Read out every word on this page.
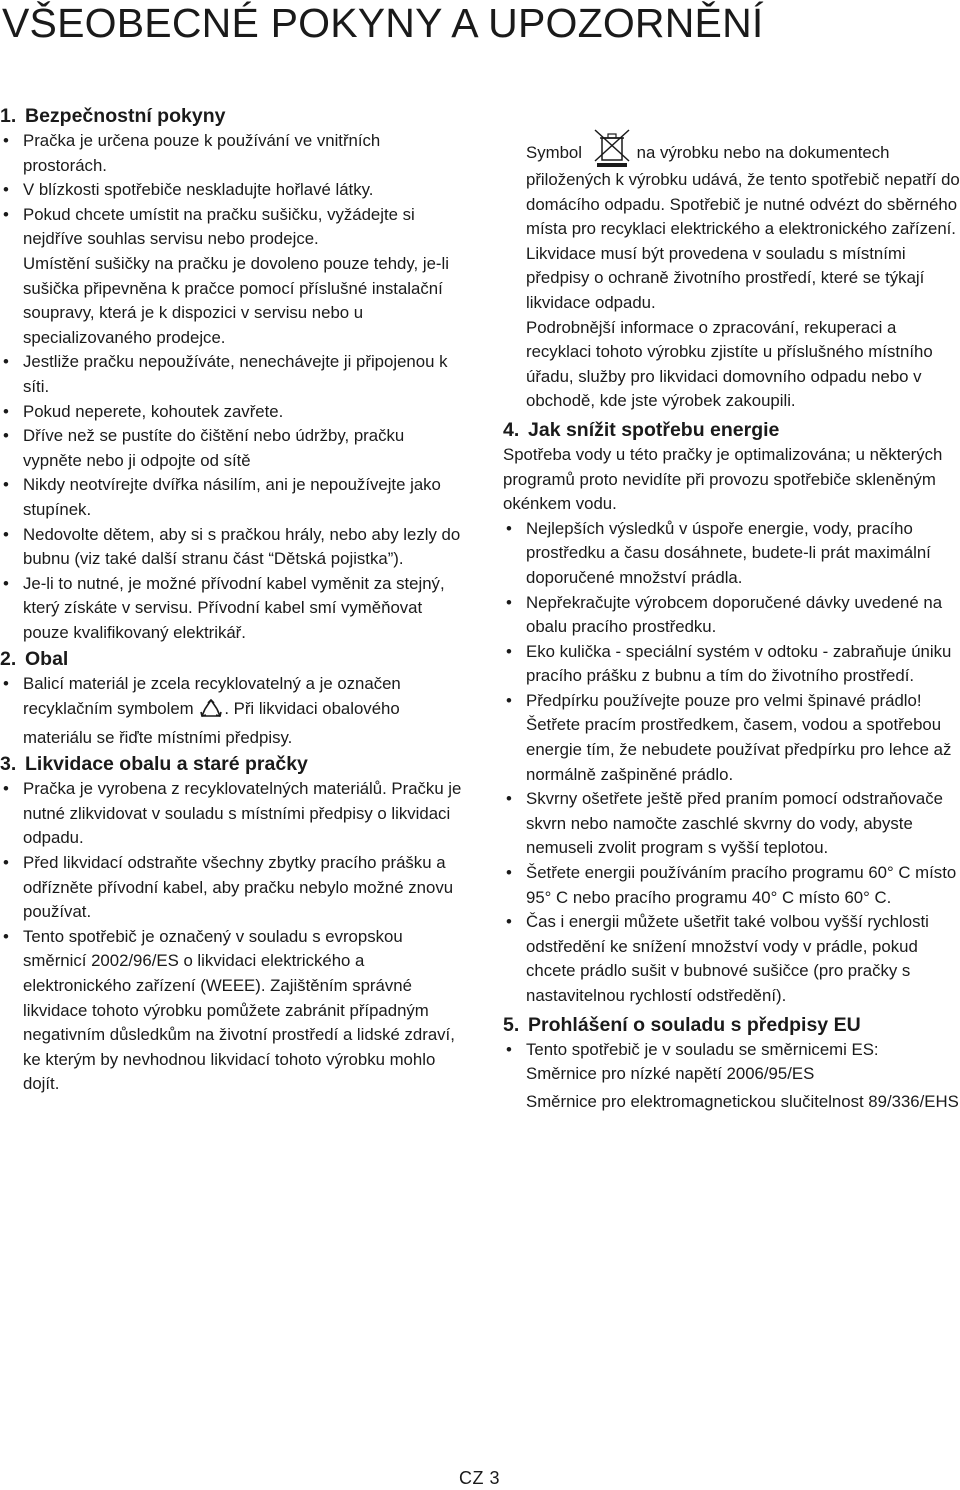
VŠEOBECNÉ POKYNY A UPOZORNĚNÍ
1. Bezpečnostní pokyny

• Pračka je určena pouze k používání ve vnitřních prostorách.

• V blízkosti spotřebiče neskladujte hořlavé látky.

• Pokud chcete umístit na pračku sušičku, vyžádejte si nejdříve souhlas servisu nebo prodejce.

Umístění sušičky na pračku je dovoleno pouze tehdy, je-li sušička připevněna k pračce pomocí příslušné instalační soupravy, která je k dispozici v servisu nebo u specializovaného prodejce.

• Jestliže pračku nepoužíváte, nenechávejte ji připojenou k síti.

• Pokud neperete, kohoutek zavřete.

• Dříve než se pustíte do čištění nebo údržby, pračku vypněte nebo ji odpojte od sítě

• Nikdy neotvírejte dvířka násilím, ani je nepoužívejte jako stupínek.

• Nedovolte dětem, aby si s pračkou hrály, nebo aby lezly do bubnu (viz také další stranu část “Dětská pojistka”).

• Je-li to nutné, je možné přívodní kabel vyměnit za stejný, který získáte v servisu. Přívodní kabel smí vyměňovat pouze kvalifikovaný elektrikář.

2. Obal

• Balicí materiál je zcela recyklovatelný a je označen recyklačním symbolem . Při likvidaci obalového materiálu se řiďte místními předpisy.

3. Likvidace obalu a staré pračky

• Pračka je vyrobena z recyklovatelných materiálů. Pračku je nutné zlikvidovat v souladu s místními předpisy o likvidaci odpadu.

• Před likvidací odstraňte všechny zbytky pracího prášku a odřízněte přívodní kabel, aby pračku nebylo možné znovu používat.

• Tento spotřebič je označený v souladu s evropskou směrnicí 2002/96/ES o likvidaci elektrického a elektronického zařízení (WEEE). Zajištěním správné likvidace tohoto výrobku pomůžete zabránit případným negativním důsledkům na životní prostředí a lidské zdraví, ke kterým by nevhodnou likvidací tohoto výrobku mohlo dojít.

Symbol	na výrobku nebo na dokumentech přiložených k výrobku udává, že tento spotřebič nepatří do domácího odpadu. Spotřebič je nutné odvézt do sběrného místa pro recyklaci elektrického a elektronického zařízení.

Likvidace musí být provedena v souladu s místními předpisy o ochraně životního prostředí, které se týkají likvidace odpadu.

Podrobnější informace o zpracování, rekuperaci a recyklaci tohoto výrobku zjistíte u příslušného místního úřadu, služby pro likvidaci domovního odpadu nebo v obchodě, kde jste výrobek zakoupili.

4. Jak snížit spotřebu energie

Spotřeba vody u této pračky je optimalizována; u některých programů proto nevidíte při provozu spotřebiče skleněným okénkem vodu.

• Nejlepších výsledků v úspoře energie, vody, pracího prostředku a času dosáhnete, budete-li prát maximální doporučené množství prádla.

• Nepřekračujte výrobcem doporučené dávky uvedené na obalu pracího prostředku.

• Eko kulička - speciální systém v odtoku - zabraňuje úniku pracího prášku z bubnu a tím do životního prostředí.

• Předpírku používejte pouze pro velmi špinavé prádlo! Šetřete pracím prostředkem, časem, vodou a spotřebou energie tím, že nebudete používat předpírku pro lehce až normálně zašpiněné prádlo.

• Skvrny ošetřete ještě před praním pomocí odstraňovače skvrn nebo namočte zaschlé skvrny do vody, abyste nemuseli zvolit program s vyšší teplotou.

• Šetřete energii používáním pracího programu 60° C místo 95° C nebo pracího programu 40° C místo 60° C.

• Čas i energii můžete ušetřit také volbou vyšší rychlosti odstředění ke snížení množství vody v prádle, pokud chcete prádlo sušit v bubnové sušičce (pro pračky s nastavitelnou rychlostí odstředění).

5. Prohlášení o souladu s předpisy EU

• Tento spotřebič je v souladu se směrnicemi ES:

Směrnice pro nízké napětí 2006/95/ES

Směrnice pro elektromagnetickou slučitelnost 89/336/EHS

CZ 3
